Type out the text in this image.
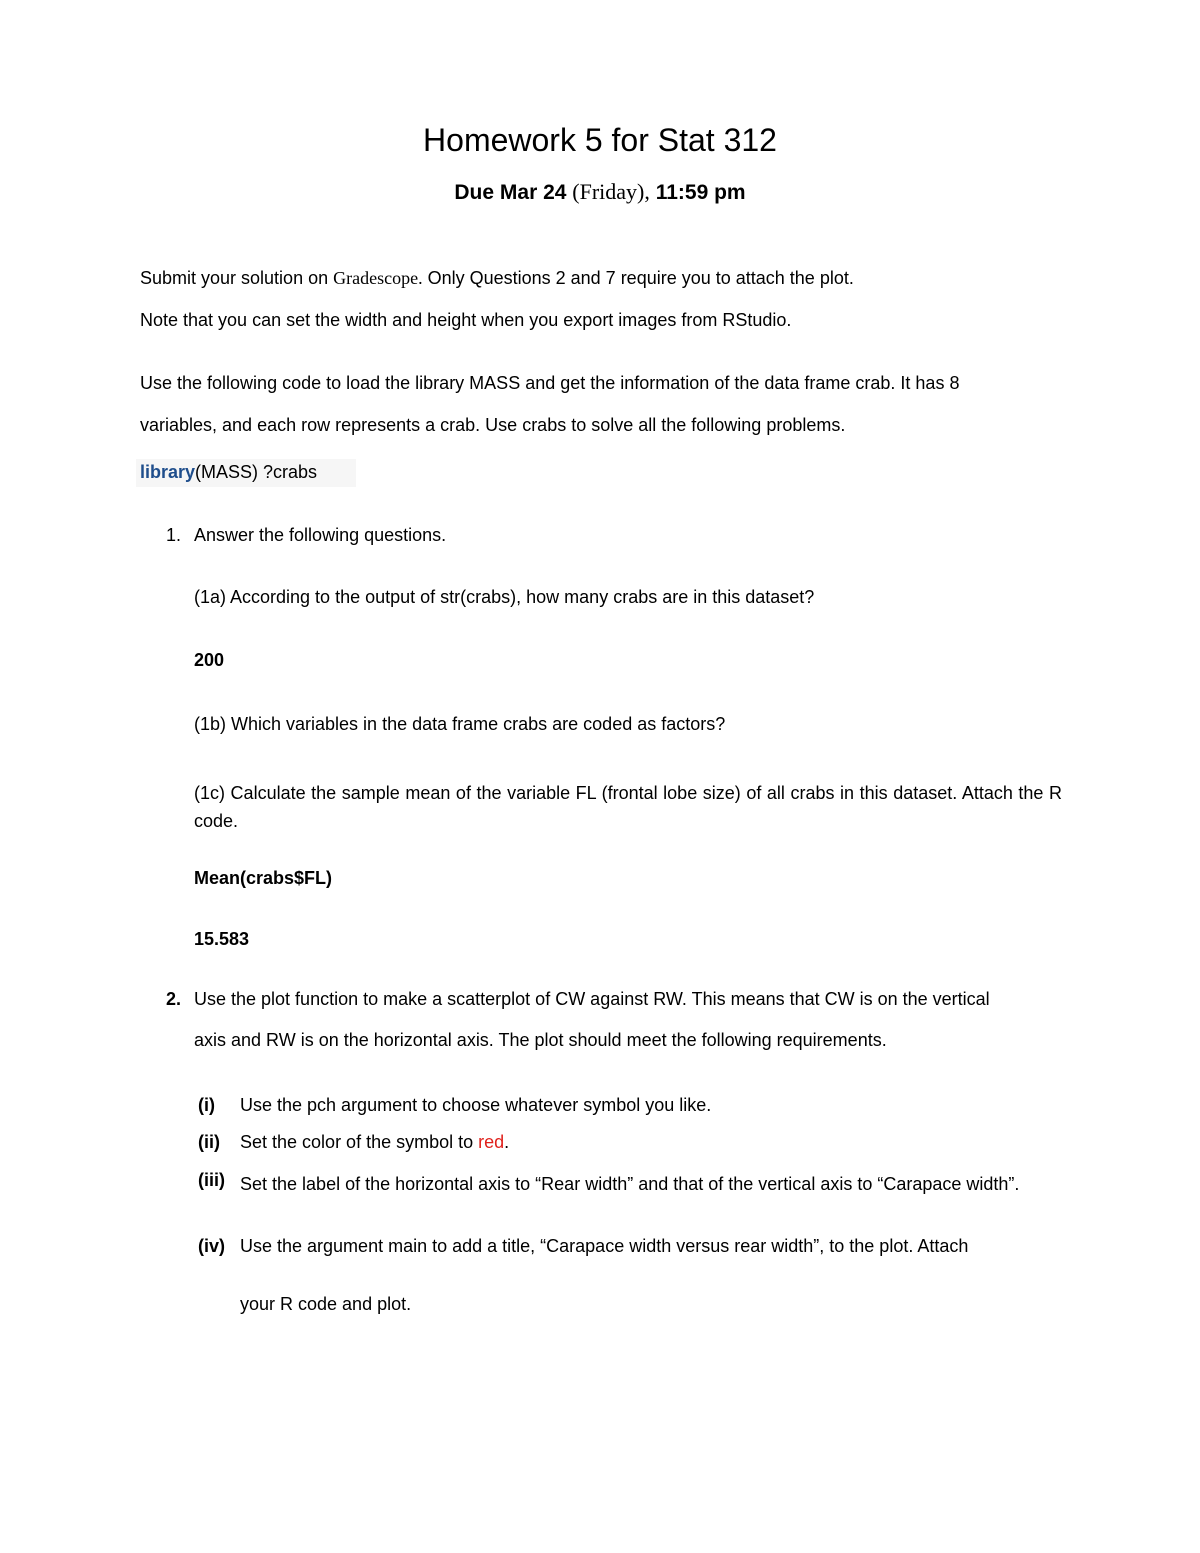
Homework 5 for Stat 312
Due Mar 24 (Friday), 11:59 pm
Submit your solution on Gradescope. Only Questions 2 and 7 require you to attach the plot.
Note that you can set the width and height when you export images from RStudio.
Use the following code to load the library MASS and get the information of the data frame crab. It has 8
variables, and each row represents a crab. Use crabs to solve all the following problems.
library(MASS) ?crabs
1. Answer the following questions.
(1a) According to the output of str(crabs), how many crabs are in this dataset?
200
(1b) Which variables in the data frame crabs are coded as factors?
(1c) Calculate the sample mean of the variable FL (frontal lobe size) of all crabs in this dataset. Attach the R code.
Mean(crabs$FL)
15.583
2. Use the plot function to make a scatterplot of CW against RW. This means that CW is on the vertical
axis and RW is on the horizontal axis. The plot should meet the following requirements.
(i) Use the pch argument to choose whatever symbol you like.
(ii) Set the color of the symbol to red.
(iii) Set the label of the horizontal axis to “Rear width” and that of the vertical axis to “Carapace width”.
(iv) Use the argument main to add a title, “Carapace width versus rear width”, to the plot. Attach
your R code and plot.
